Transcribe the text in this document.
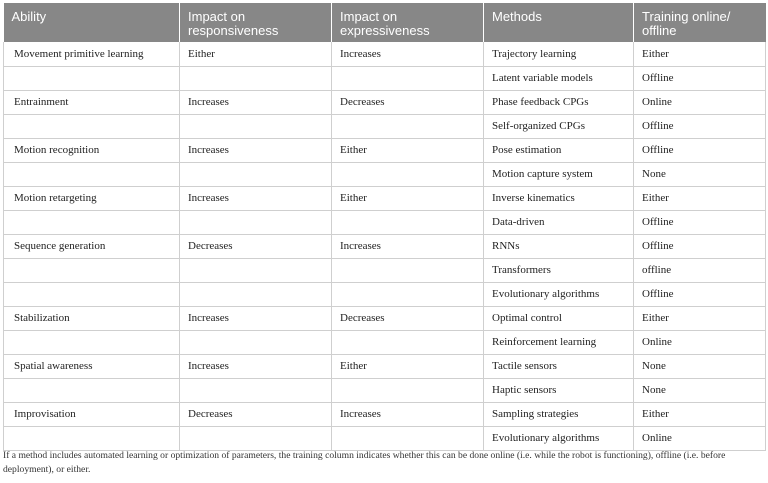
Ability	Impact on responsiveness	Impact on expressiveness	Methods	Training online/ offline
Movement primitive learning	Either	Increases	Trajectory learning	Either
			Latent variable models	Offline
Entrainment	Increases	Decreases	Phase feedback CPGs	Online
			Self-organized CPGs	Offline
Motion recognition	Increases	Either	Pose estimation	Offline
			Motion capture system	None
Motion retargeting	Increases	Either	Inverse kinematics	Either
			Data-driven	Offline
Sequence generation	Decreases	Increases	RNNs	Offline
			Transformers	offline
			Evolutionary algorithms	Offline
Stabilization	Increases	Decreases	Optimal control	Either
			Reinforcement learning	Online
Spatial awareness	Increases	Either	Tactile sensors	None
			Haptic sensors	None
Improvisation	Decreases	Increases	Sampling strategies	Either
			Evolutionary algorithms	Online
If a method includes automated learning or optimization of parameters, the training column indicates whether this can be done online (i.e. while the robot is functioning), offline (i.e. before deployment), or either.
